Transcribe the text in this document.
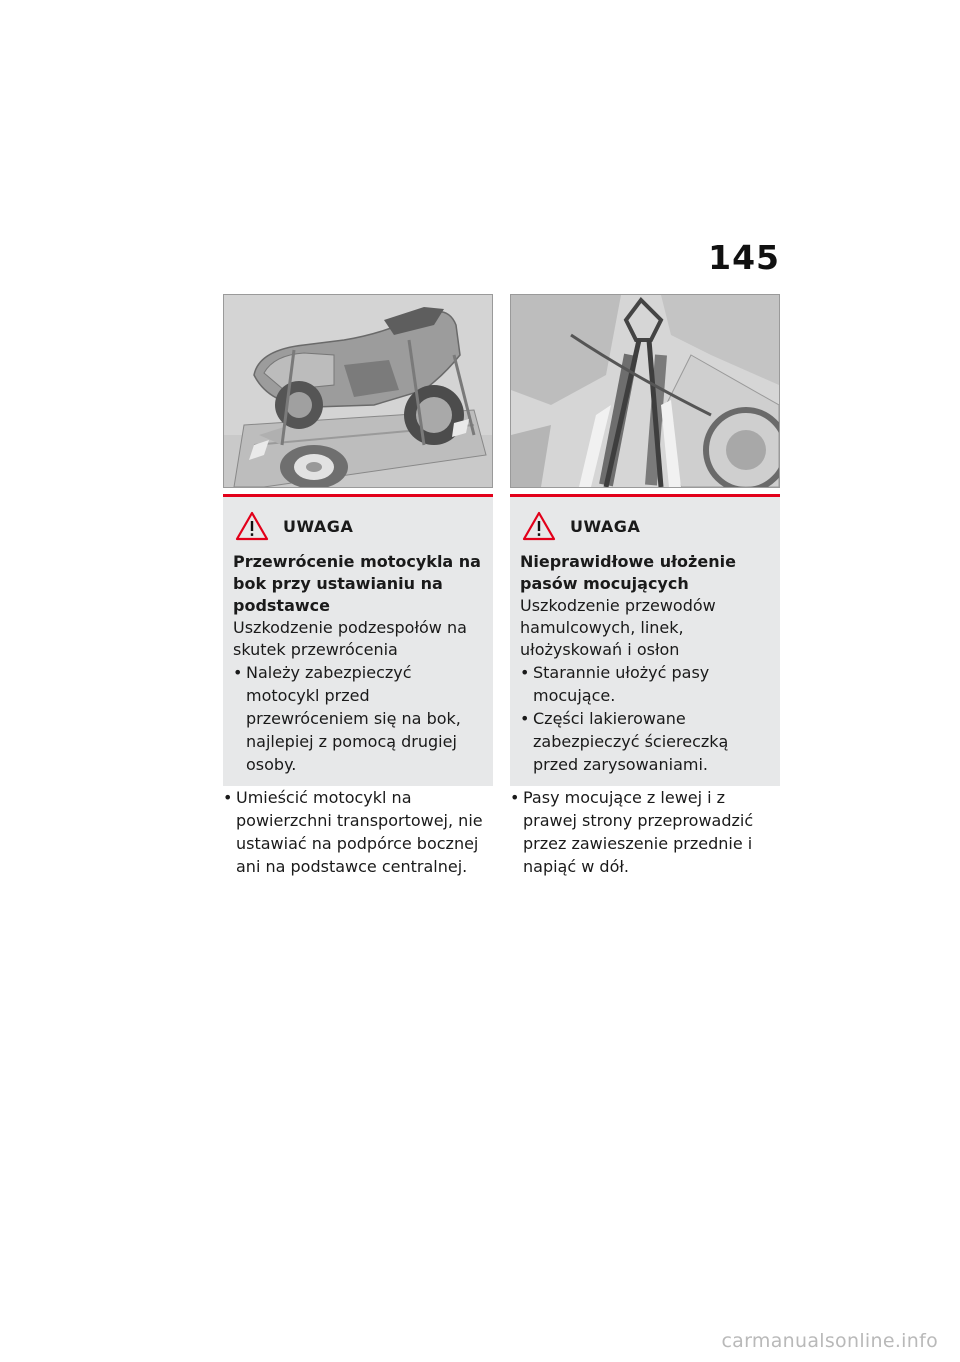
145
UWAGA
Przewrócenie motocykla na bok przy ustawianiu na podstawce
Uszkodzenie podzespołów na skutek przewrócenia
• Należy zabezpieczyć motocykl przed przewróceniem się na bok, najlepiej z pomocą drugiej osoby.
• Umieścić motocykl na powierzchni transportowej, nie ustawiać na podpórce bocznej ani na podstawce centralnej.
UWAGA
Nieprawidłowe ułożenie pasów mocujących
Uszkodzenie przewodów hamulcowych, linek, ułożyskowań i osłon
• Starannie ułożyć pasy mocujące.
• Części lakierowane zabezpieczyć ściereczką przed zarysowaniami.
• Pasy mocujące z lewej i z prawej strony przeprowadzić przez zawieszenie przednie i napiąć w dół.
carmanualsonline.info
